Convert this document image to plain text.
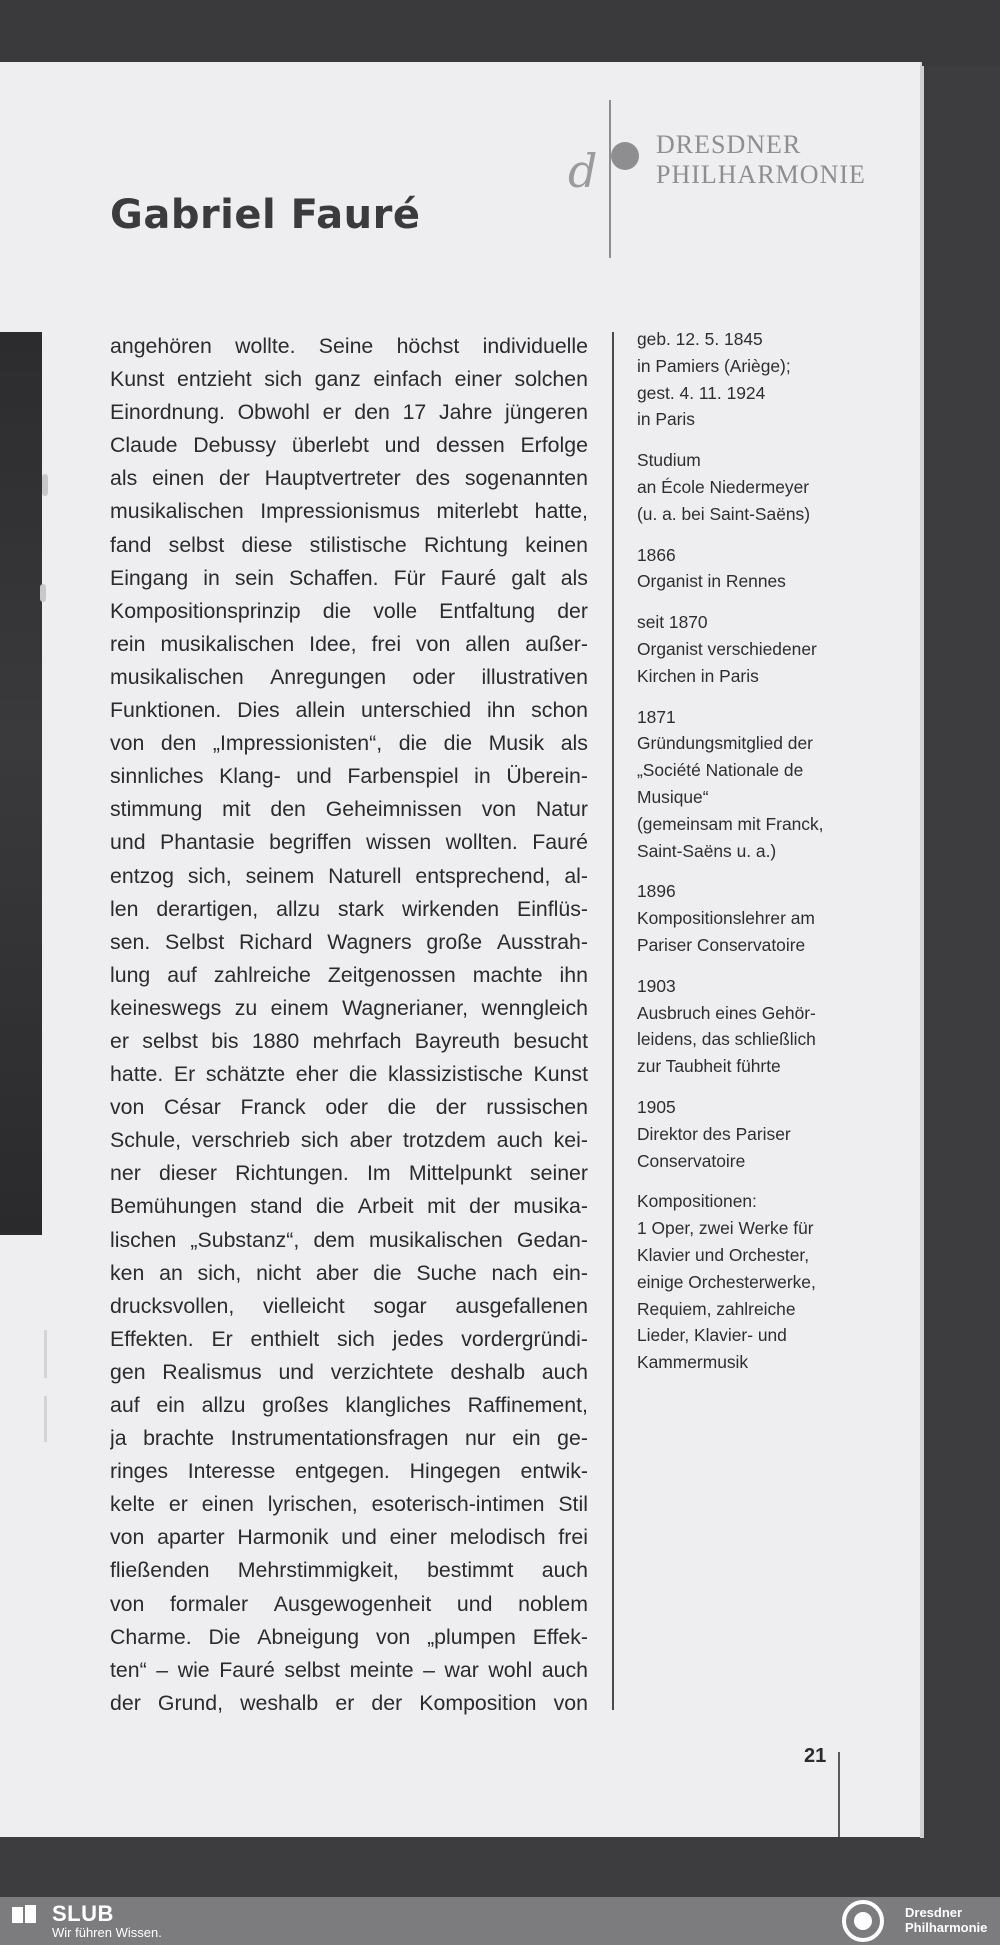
Gabriel Fauré
d DRESDNER
PHILHARMONIE

angehören wollte. Seine höchst individuelle

Kunst entzieht sich ganz einfach einer solchen

Einordnung. Obwohl er den 17 Jahre jüngeren

Claude Debussy überlebt und dessen Erfolge

als einen der Hauptvertreter des sogenannten

musikalischen Impressionismus miterlebt hatte,

fand selbst diese stilistische Richtung keinen

Eingang in sein Schaffen. Für Fauré galt als

Kompositionsprinzip die volle Entfaltung der

rein musikalischen Idee, frei von allen außer-

musikalischen Anregungen oder illustrativen

Funktionen. Dies allein unterschied ihn schon

von den „Impressionisten“, die die Musik als

sinnliches Klang- und Farbenspiel in Überein-

stimmung mit den Geheimnissen von Natur

und Phantasie begriffen wissen wollten. Fauré

entzog sich, seinem Naturell entsprechend, al-

len derartigen, allzu stark wirkenden Einflüs-

sen. Selbst Richard Wagners große Ausstrah-

lung auf zahlreiche Zeitgenossen machte ihn

keineswegs zu einem Wagnerianer, wenngleich

er selbst bis 1880 mehrfach Bayreuth besucht

hatte. Er schätzte eher die klassizistische Kunst

von César Franck oder die der russischen

Schule, verschrieb sich aber trotzdem auch kei-

ner dieser Richtungen. Im Mittelpunkt seiner

Bemühungen stand die Arbeit mit der musika-

lischen „Substanz“, dem musikalischen Gedan-

ken an sich, nicht aber die Suche nach ein-

drucksvollen, vielleicht sogar ausgefallenen

Effekten. Er enthielt sich jedes vordergründi-

gen Realismus und verzichtete deshalb auch

auf ein allzu großes klangliches Raffinement,

ja brachte Instrumentationsfragen nur ein ge-

ringes Interesse entgegen. Hingegen entwik-

kelte er einen lyrischen, esoterisch-intimen Stil

von aparter Harmonik und einer melodisch frei

fließenden Mehrstimmigkeit, bestimmt auch

von formaler Ausgewogenheit und noblem

Charme. Die Abneigung von „plumpen Effek-

ten“ – wie Fauré selbst meinte – war wohl auch

der Grund, weshalb er der Komposition von

geb. 12. 5. 1845
in Pamiers (Ariège);
gest. 4. 11. 1924
in Paris
Studium
an École Niedermeyer
(u. a. bei Saint-Saëns)
1866
Organist in Rennes
seit 1870
Organist verschiedener
Kirchen in Paris
1871
Gründungsmitglied der
„Société Nationale de
Musique“
(gemeinsam mit Franck,
Saint-Saëns u. a.)
1896
Kompositionslehrer am
Pariser Conservatoire
1903
Ausbruch eines Gehör-
leidens, das schließlich
zur Taubheit führte
1905
Direktor des Pariser
Conservatoire
Kompositionen:
1 Oper, zwei Werke für
Klavier und Orchester,
einige Orchesterwerke,
Requiem, zahlreiche
Lieder, Klavier- und
Kammermusik
21
SLUB
Wir führen Wissen.
Dresdner
Philharmonie
